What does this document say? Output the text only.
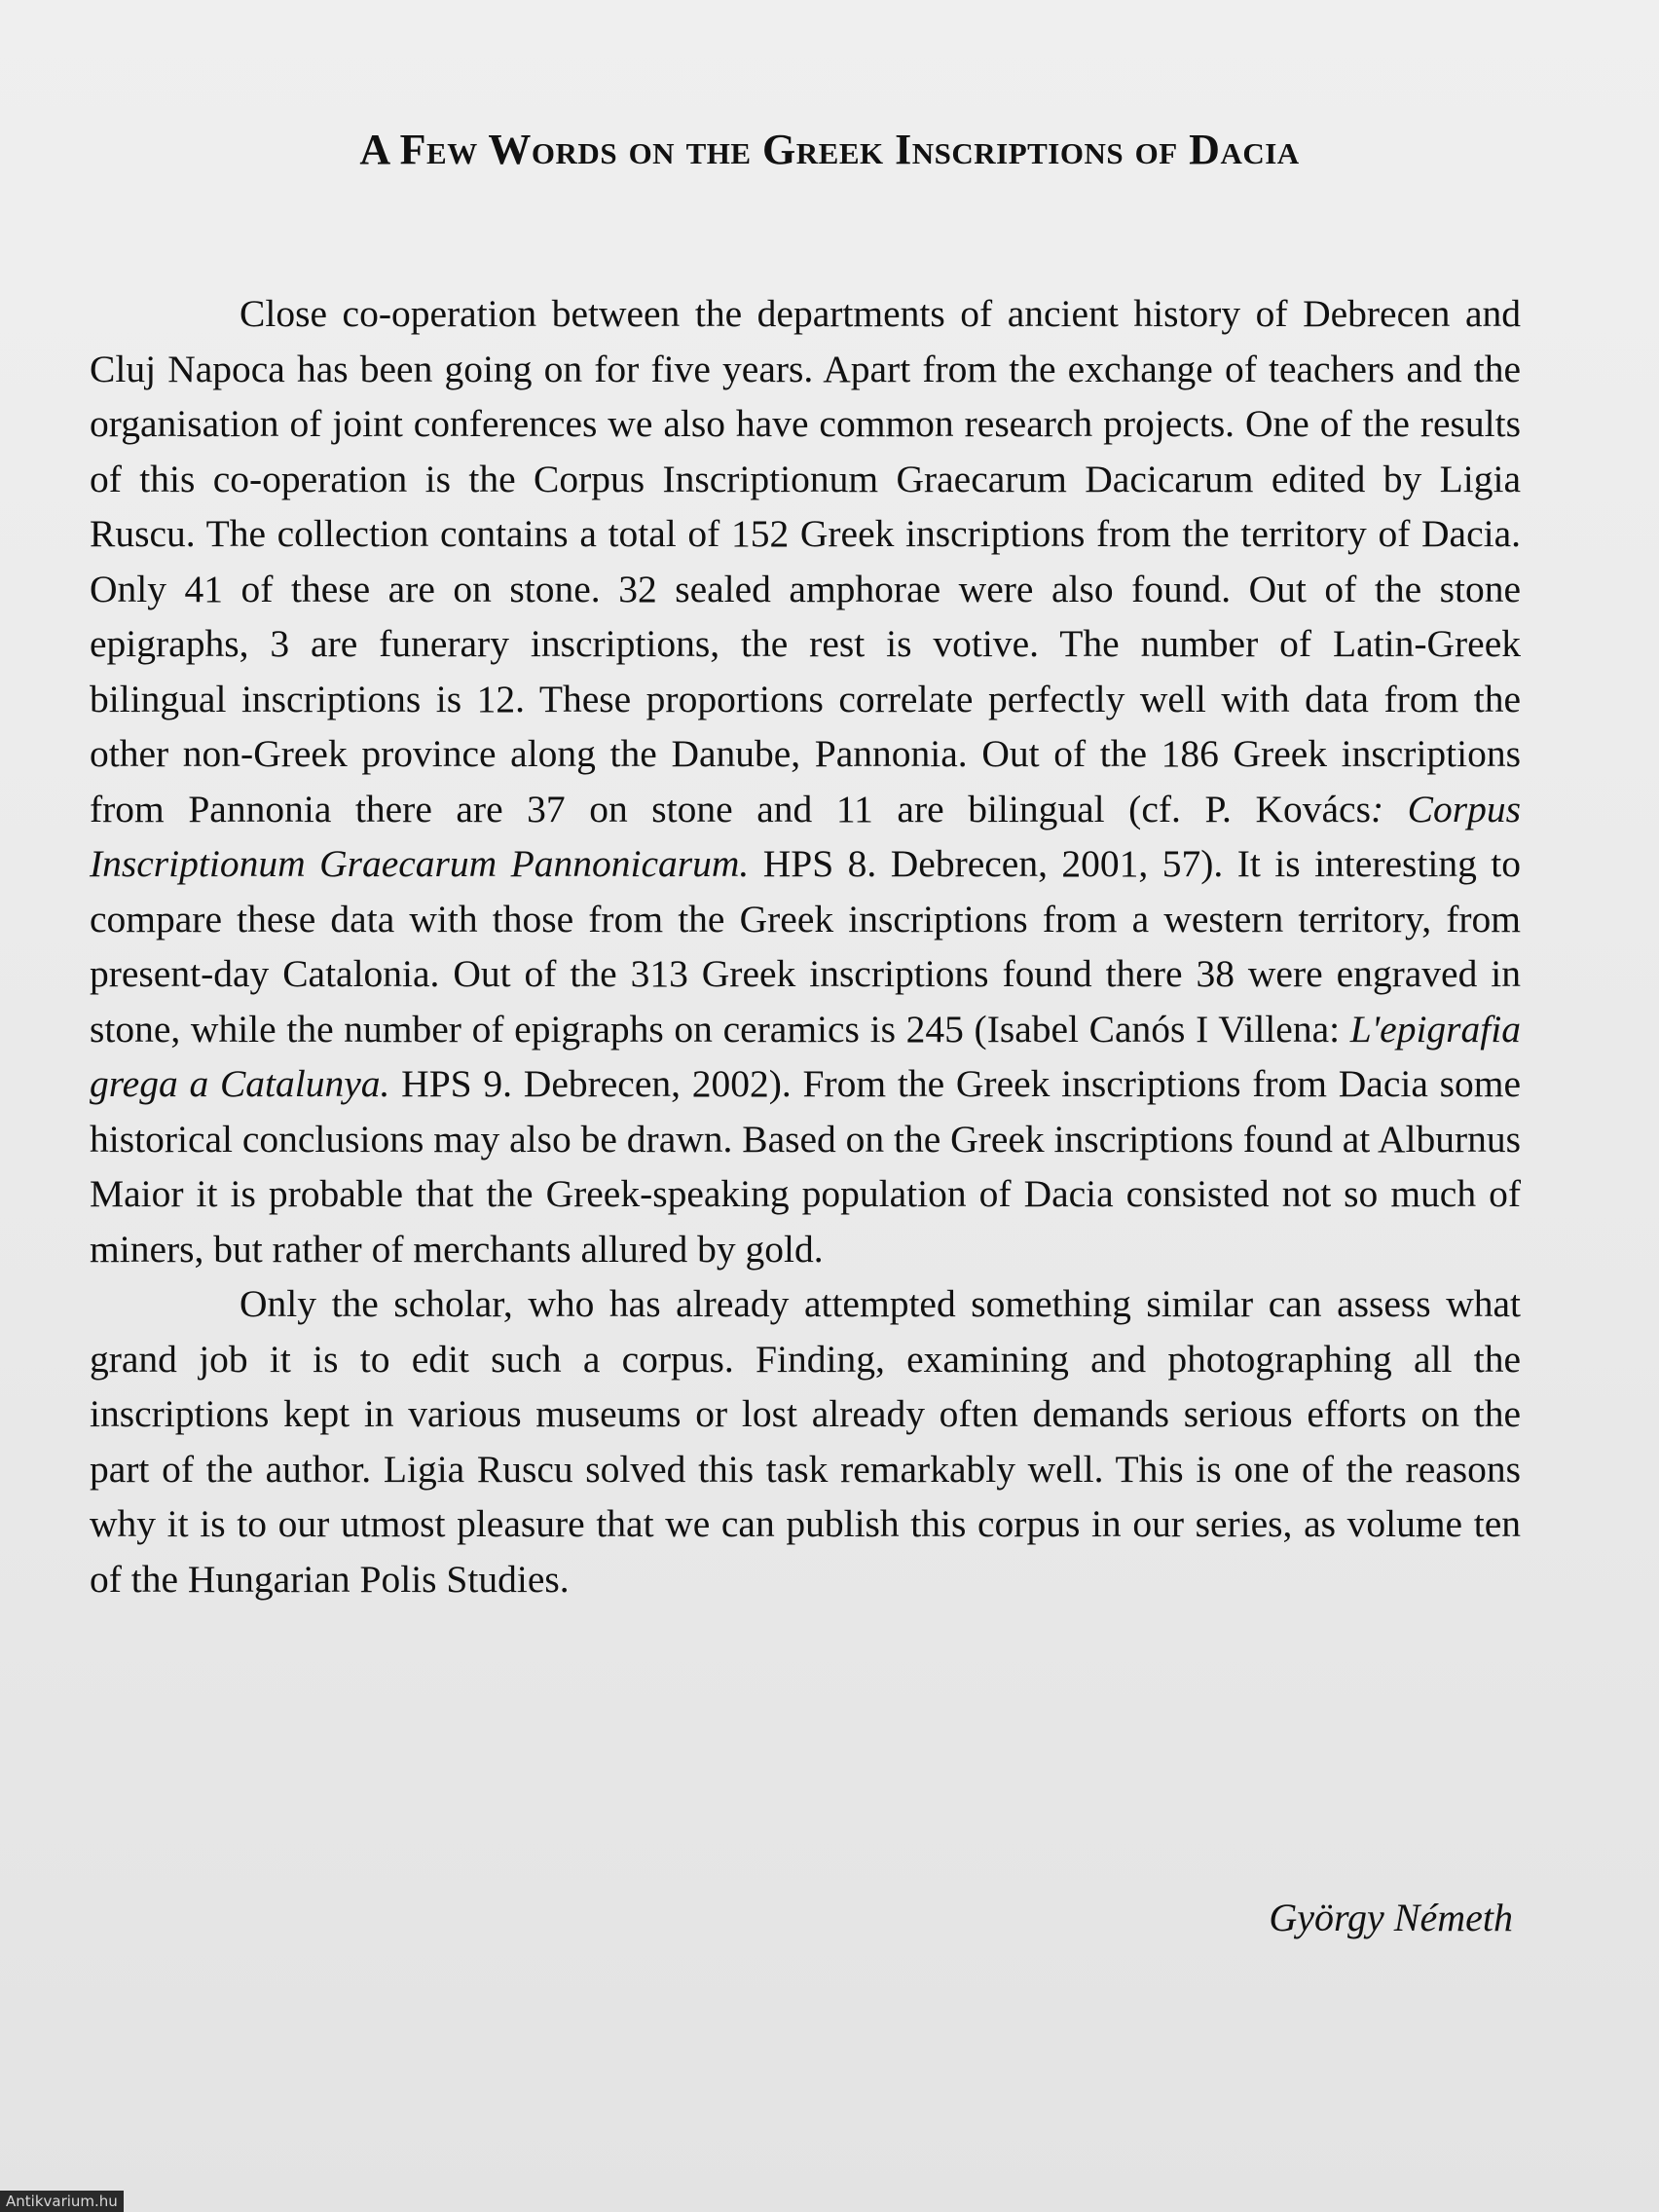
A Few Words on the Greek Inscriptions of Dacia

Close co-operation between the departments of ancient history of Debrecen and Cluj Napoca has been going on for five years. Apart from the exchange of teachers and the organisation of joint conferences we also have common research projects. One of the results of this co-operation is the Corpus Inscriptionum Graecarum Dacicarum edited by Ligia Ruscu. The collection contains a total of 152 Greek inscriptions from the territory of Dacia. Only 41 of these are on stone. 32 sealed amphorae were also found. Out of the stone epigraphs, 3 are funerary inscriptions, the rest is votive. The number of Latin-Greek bilingual inscriptions is 12. These proportions correlate perfectly well with data from the other non-Greek province along the Danube, Pannonia. Out of the 186 Greek inscriptions from Pannonia there are 37 on stone and 11 are bilingual (cf. P. Kovács: Corpus Inscriptionum Graecarum Pannonicarum. HPS 8. Debrecen, 2001, 57). It is interesting to compare these data with those from the Greek inscriptions from a western territory, from present-day Catalonia. Out of the 313 Greek inscriptions found there 38 were engraved in stone, while the number of epigraphs on ceramics is 245 (Isabel Canós I Villena: L'epigrafia grega a Catalunya. HPS 9. Debrecen, 2002). From the Greek inscriptions from Dacia some historical conclusions may also be drawn. Based on the Greek inscriptions found at Alburnus Maior it is probable that the Greek-speaking population of Dacia consisted not so much of miners, but rather of merchants allured by gold.

Only the scholar, who has already attempted something similar can assess what grand job it is to edit such a corpus. Finding, examining and photographing all the inscriptions kept in various museums or lost already often demands serious efforts on the part of the author. Ligia Ruscu solved this task remarkably well. This is one of the reasons why it is to our utmost pleasure that we can publish this corpus in our series, as volume ten of the Hungarian Polis Studies.

György Németh

Antikvarium.hu
